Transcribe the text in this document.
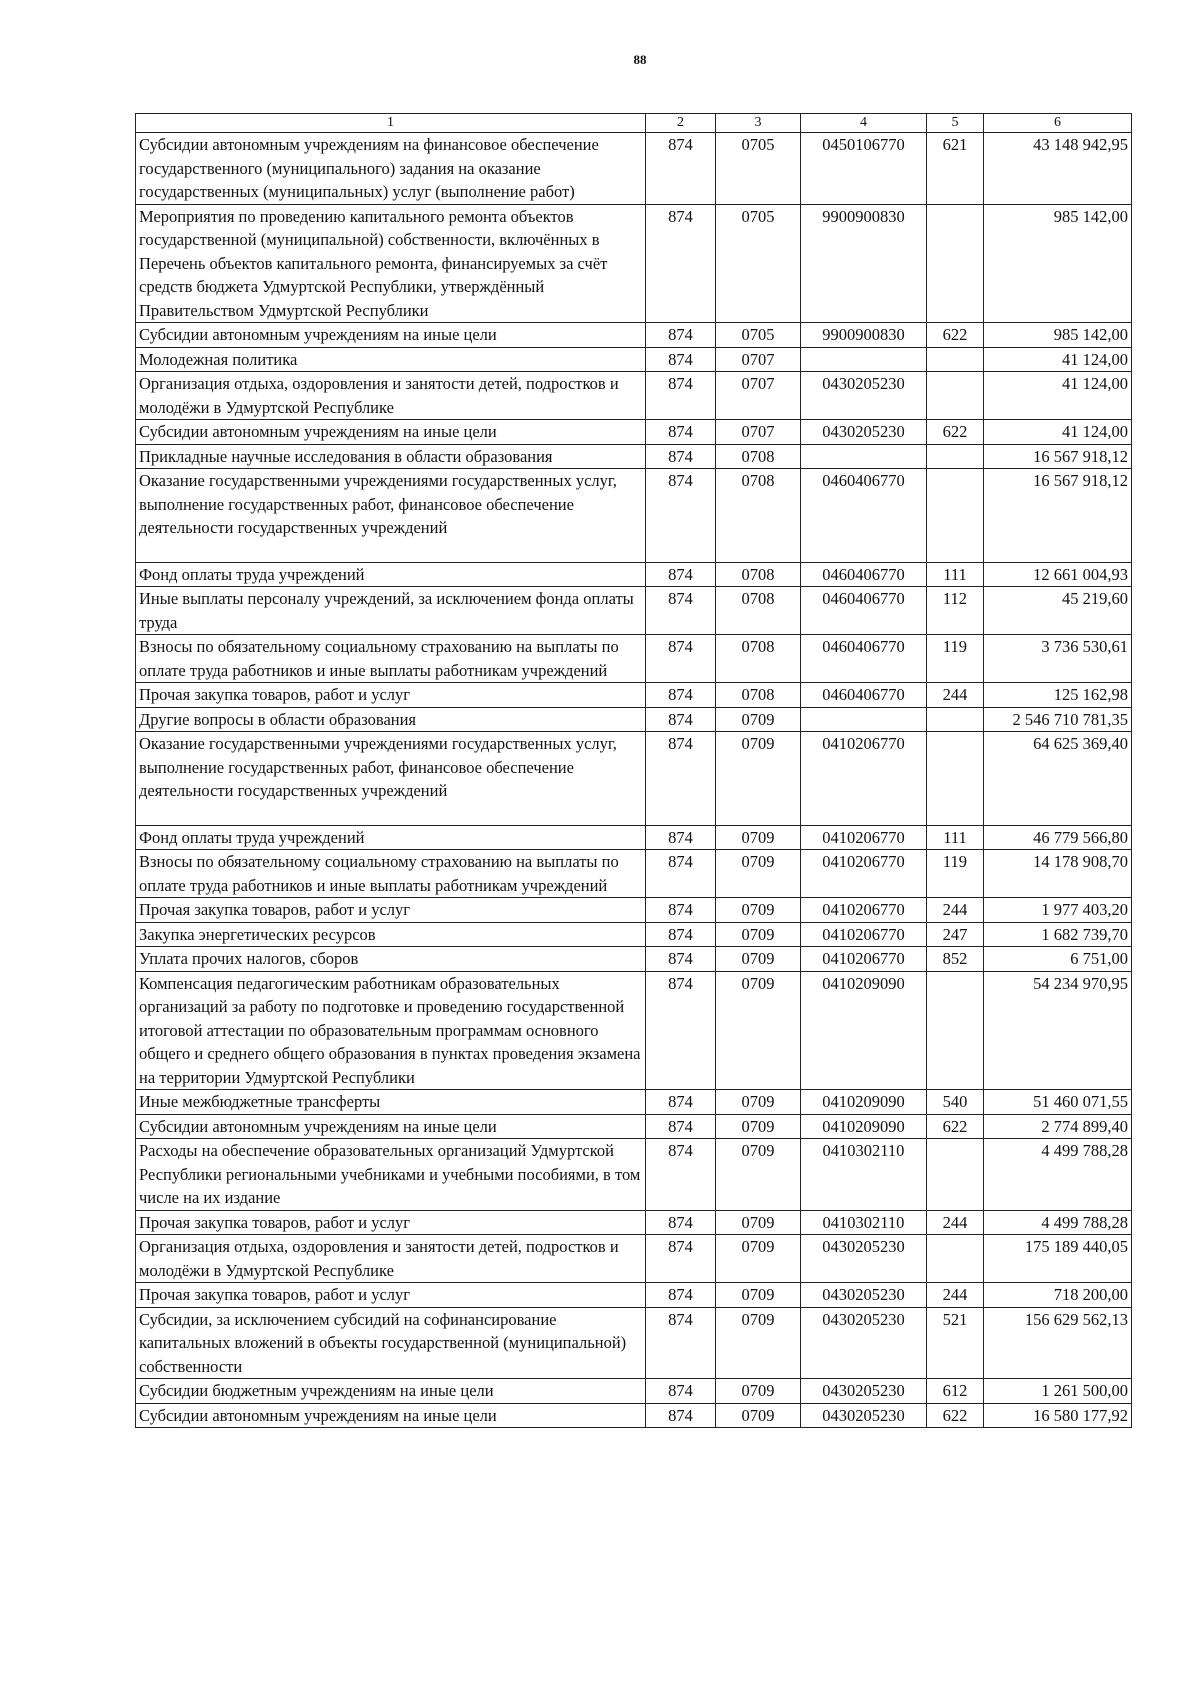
88
1	2	3	4	5	6
Субсидии автономным учреждениям на финансовое обеспечение государственного (муниципального) задания на оказание государственных (муниципальных) услуг (выполнение работ)	874	0705	0450106770	621	43 148 942,95
Мероприятия по проведению капитального ремонта объектов государственной (муниципальной) собственности, включённых в Перечень объектов капитального ремонта, финансируемых за счёт средств бюджета Удмуртской Республики, утверждённый Правительством Удмуртской Республики	874	0705	9900900830		985 142,00
Субсидии автономным учреждениям на иные цели	874	0705	9900900830	622	985 142,00
Молодежная политика	874	0707			41 124,00
Организация отдыха, оздоровления и занятости детей, подростков и молодёжи в Удмуртской Республике	874	0707	0430205230		41 124,00
Субсидии автономным учреждениям на иные цели	874	0707	0430205230	622	41 124,00
Прикладные научные исследования в области образования	874	0708			16 567 918,12
Оказание государственными учреждениями государственных услуг, выполнение государственных работ, финансовое обеспечение деятельности государственных учреждений	874	0708	0460406770		16 567 918,12
Фонд оплаты труда учреждений	874	0708	0460406770	111	12 661 004,93
Иные выплаты персоналу учреждений, за исключением фонда оплаты труда	874	0708	0460406770	112	45 219,60
Взносы по обязательному социальному страхованию на выплаты по оплате труда работников и иные выплаты работникам учреждений	874	0708	0460406770	119	3 736 530,61
Прочая закупка товаров, работ и услуг	874	0708	0460406770	244	125 162,98
Другие вопросы в области образования	874	0709			2 546 710 781,35
Оказание государственными учреждениями государственных услуг, выполнение государственных работ, финансовое обеспечение деятельности государственных учреждений	874	0709	0410206770		64 625 369,40
Фонд оплаты труда учреждений	874	0709	0410206770	111	46 779 566,80
Взносы по обязательному социальному страхованию на выплаты по оплате труда работников и иные выплаты работникам учреждений	874	0709	0410206770	119	14 178 908,70
Прочая закупка товаров, работ и услуг	874	0709	0410206770	244	1 977 403,20
Закупка энергетических ресурсов	874	0709	0410206770	247	1 682 739,70
Уплата прочих налогов, сборов	874	0709	0410206770	852	6 751,00
Компенсация педагогическим работникам образовательных организаций за работу по подготовке и проведению государственной итоговой аттестации по образовательным программам основного общего и среднего общего образования в пунктах проведения экзамена на территории Удмуртской Республики	874	0709	0410209090		54 234 970,95
Иные межбюджетные трансферты	874	0709	0410209090	540	51 460 071,55
Субсидии автономным учреждениям на иные цели	874	0709	0410209090	622	2 774 899,40
Расходы на обеспечение образовательных организаций Удмуртской Республики региональными учебниками и учебными пособиями, в том числе на их издание	874	0709	0410302110		4 499 788,28
Прочая закупка товаров, работ и услуг	874	0709	0410302110	244	4 499 788,28
Организация отдыха, оздоровления и занятости детей, подростков и молодёжи в Удмуртской Республике	874	0709	0430205230		175 189 440,05
Прочая закупка товаров, работ и услуг	874	0709	0430205230	244	718 200,00
Субсидии, за исключением субсидий на софинансирование капитальных вложений в объекты государственной (муниципальной) собственности	874	0709	0430205230	521	156 629 562,13
Субсидии бюджетным учреждениям на иные цели	874	0709	0430205230	612	1 261 500,00
Субсидии автономным учреждениям на иные цели	874	0709	0430205230	622	16 580 177,92
